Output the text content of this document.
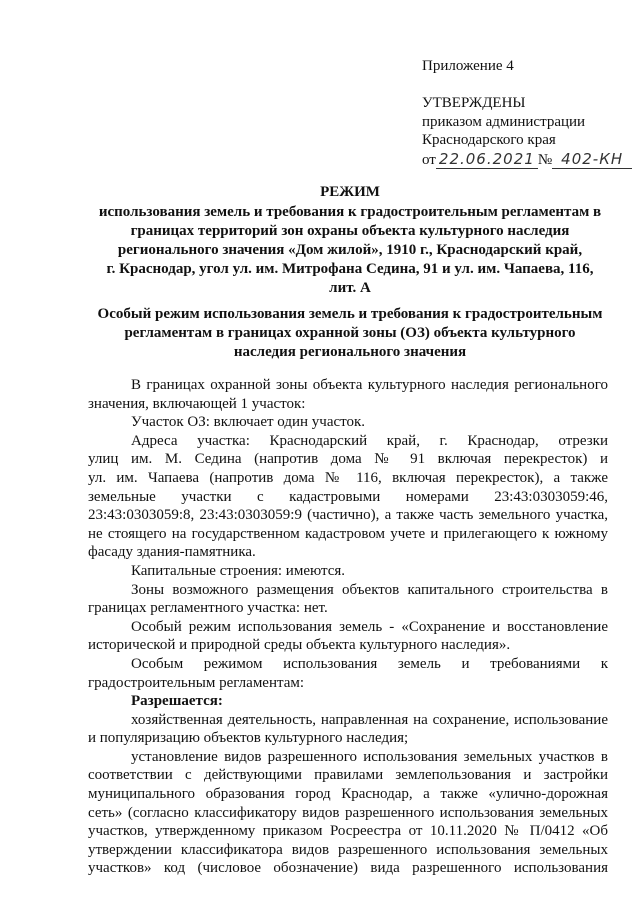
Приложение 4
УТВЕРЖДЕНЫ
приказом администрации
Краснодарского края
от 22.06.2021 № 402-КН
РЕЖИМ
использования земель и требования к градостроительным регламентам в
границах территорий зон охраны объекта культурного наследия
регионального значения «Дом жилой», 1910 г., Краснодарский край,
г. Краснодар, угол ул. им. Митрофана Седина, 91 и ул. им. Чапаева, 116,
лит. А
Особый режим использования земель и требования к градостроительным
регламентам в границах охранной зоны (ОЗ) объекта культурного
наследия регионального значения
В границах охранной зоны объекта культурного наследия регионального
значения, включающей 1 участок:
Участок ОЗ: включает один участок.
Адреса участка: Краснодарский край, г. Краснодар, отрезки
улиц им. М. Седина (напротив дома № 91 включая перекресток) и
ул. им. Чапаева (напротив дома № 116, включая перекресток), а также
земельные участки с кадастровыми номерами 23:43:0303059:46,
23:43:0303059:8, 23:43:0303059:9 (частично), а также часть земельного участка,
не стоящего на государственном кадастровом учете и прилегающего к южному
фасаду здания-памятника.
Капитальные строения: имеются.
Зоны возможного размещения объектов капитального строительства в
границах регламентного участка: нет.
Особый режим использования земель - «Сохранение и восстановление
исторической и природной среды объекта культурного наследия».
Особым режимом использования земель и требованиями к
градостроительным регламентам:
Разрешается:
хозяйственная деятельность, направленная на сохранение, использование
и популяризацию объектов культурного наследия;
установление видов разрешенного использования земельных участков в
соответствии с действующими правилами землепользования и застройки
муниципального образования город Краснодар, а также «улично-дорожная
сеть» (согласно классификатору видов разрешенного использования земельных
участков, утвержденному приказом Росреестра от 10.11.2020 № П/0412 «Об
утверждении классификатора видов разрешенного использования земельных
участков» код (числовое обозначение) вида разрешенного использования
